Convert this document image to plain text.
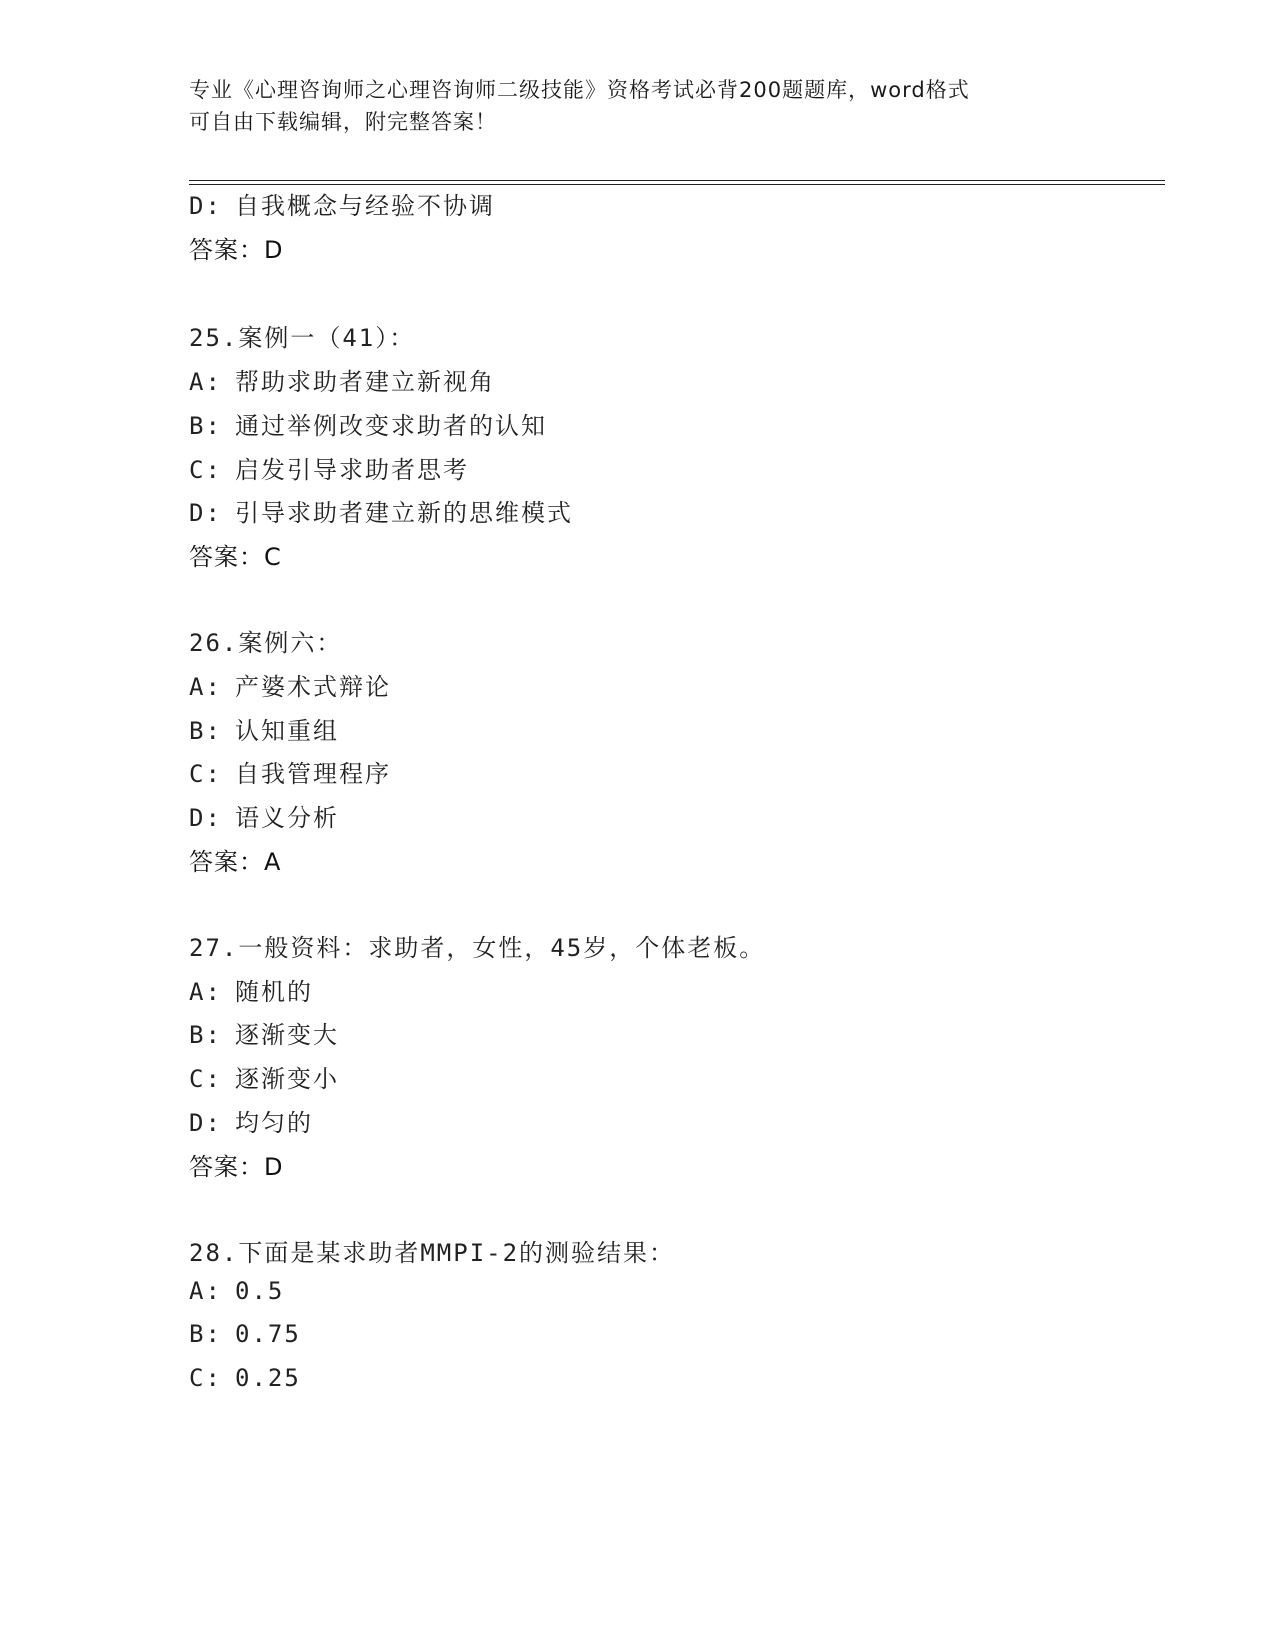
专业《心理咨询师之心理咨询师二级技能》资格考试必背200题题库，word格式
可自由下载编辑，附完整答案！
D: 自我概念与经验不协调
答案：D
25.案例一（41）：
A: 帮助求助者建立新视角
B: 通过举例改变求助者的认知
C: 启发引导求助者思考
D: 引导求助者建立新的思维模式
答案：C
26.案例六：
A: 产婆术式辩论
B: 认知重组
C: 自我管理程序
D: 语义分析
答案：A
27.一般资料：求助者，女性，45岁，个体老板。
A: 随机的
B: 逐渐变大
C: 逐渐变小
D: 均匀的
答案：D
28.下面是某求助者MMPI-2的测验结果：
A: 0.5
B: 0.75
C: 0.25
